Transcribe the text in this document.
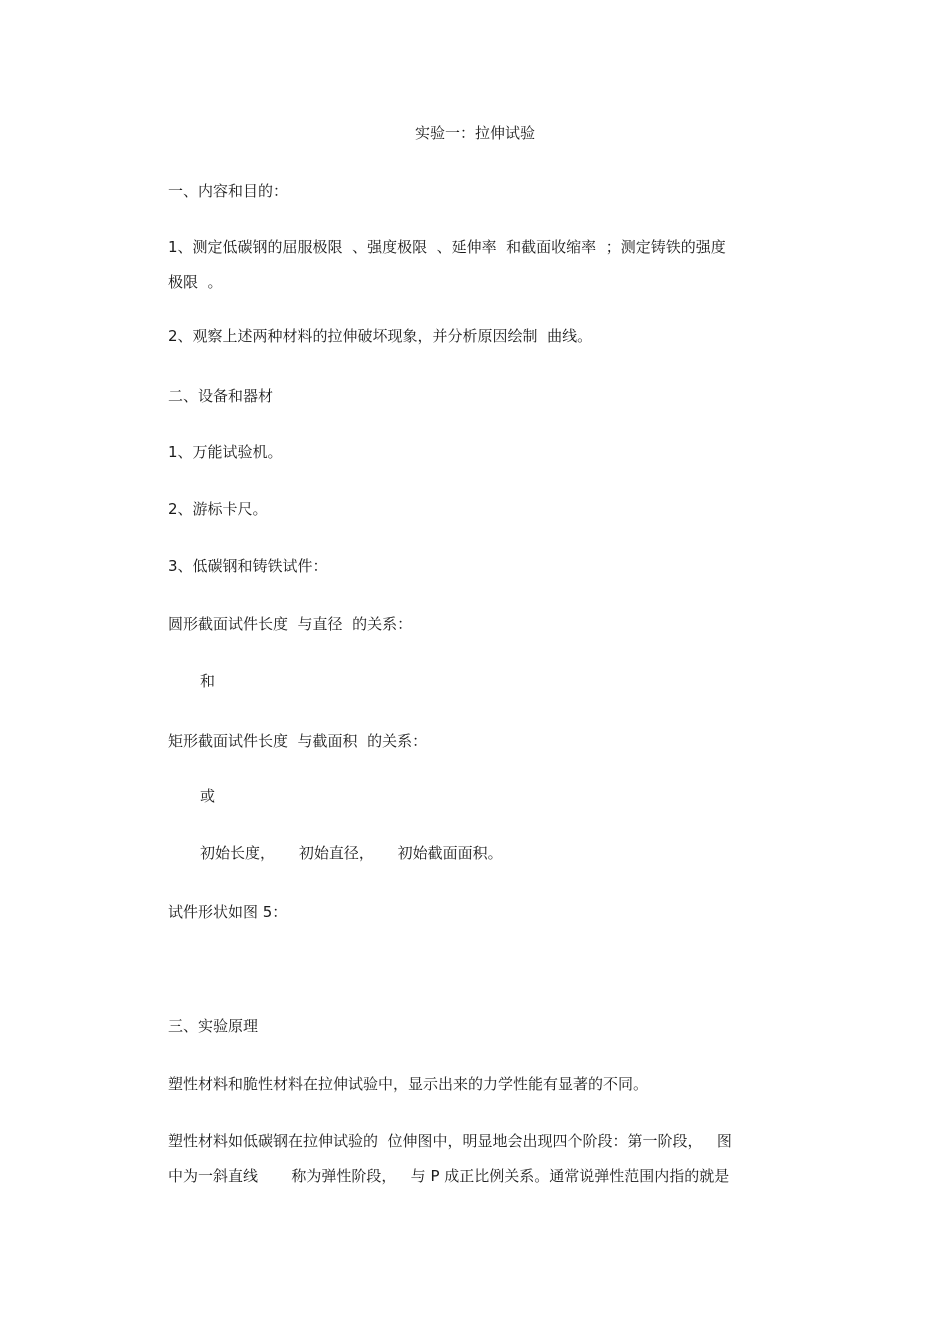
实验一：拉伸试验
一、内容和目的：
1、测定低碳钢的屈服极限  、强度极限  、延伸率  和截面收缩率  ；测定铸铁的强度
极限  。
2、观察上述两种材料的拉伸破坏现象，并分析原因绘制  曲线。
二、设备和器材
1、万能试验机。
2、游标卡尺。
3、低碳钢和铸铁试件：
圆形截面试件长度  与直径  的关系：
和
矩形截面试件长度  与截面积  的关系：
或
初始长度，     初始直径，     初始截面面积。
试件形状如图 5：
三、实验原理
塑性材料和脆性材料在拉伸试验中，显示出来的力学性能有显著的不同。
塑性材料如低碳钢在拉伸试验的  位伸图中，明显地会出现四个阶段：第一阶段，   图
中为一斜直线       称为弹性阶段，   与 P 成正比例关系。通常说弹性范围内指的就是
